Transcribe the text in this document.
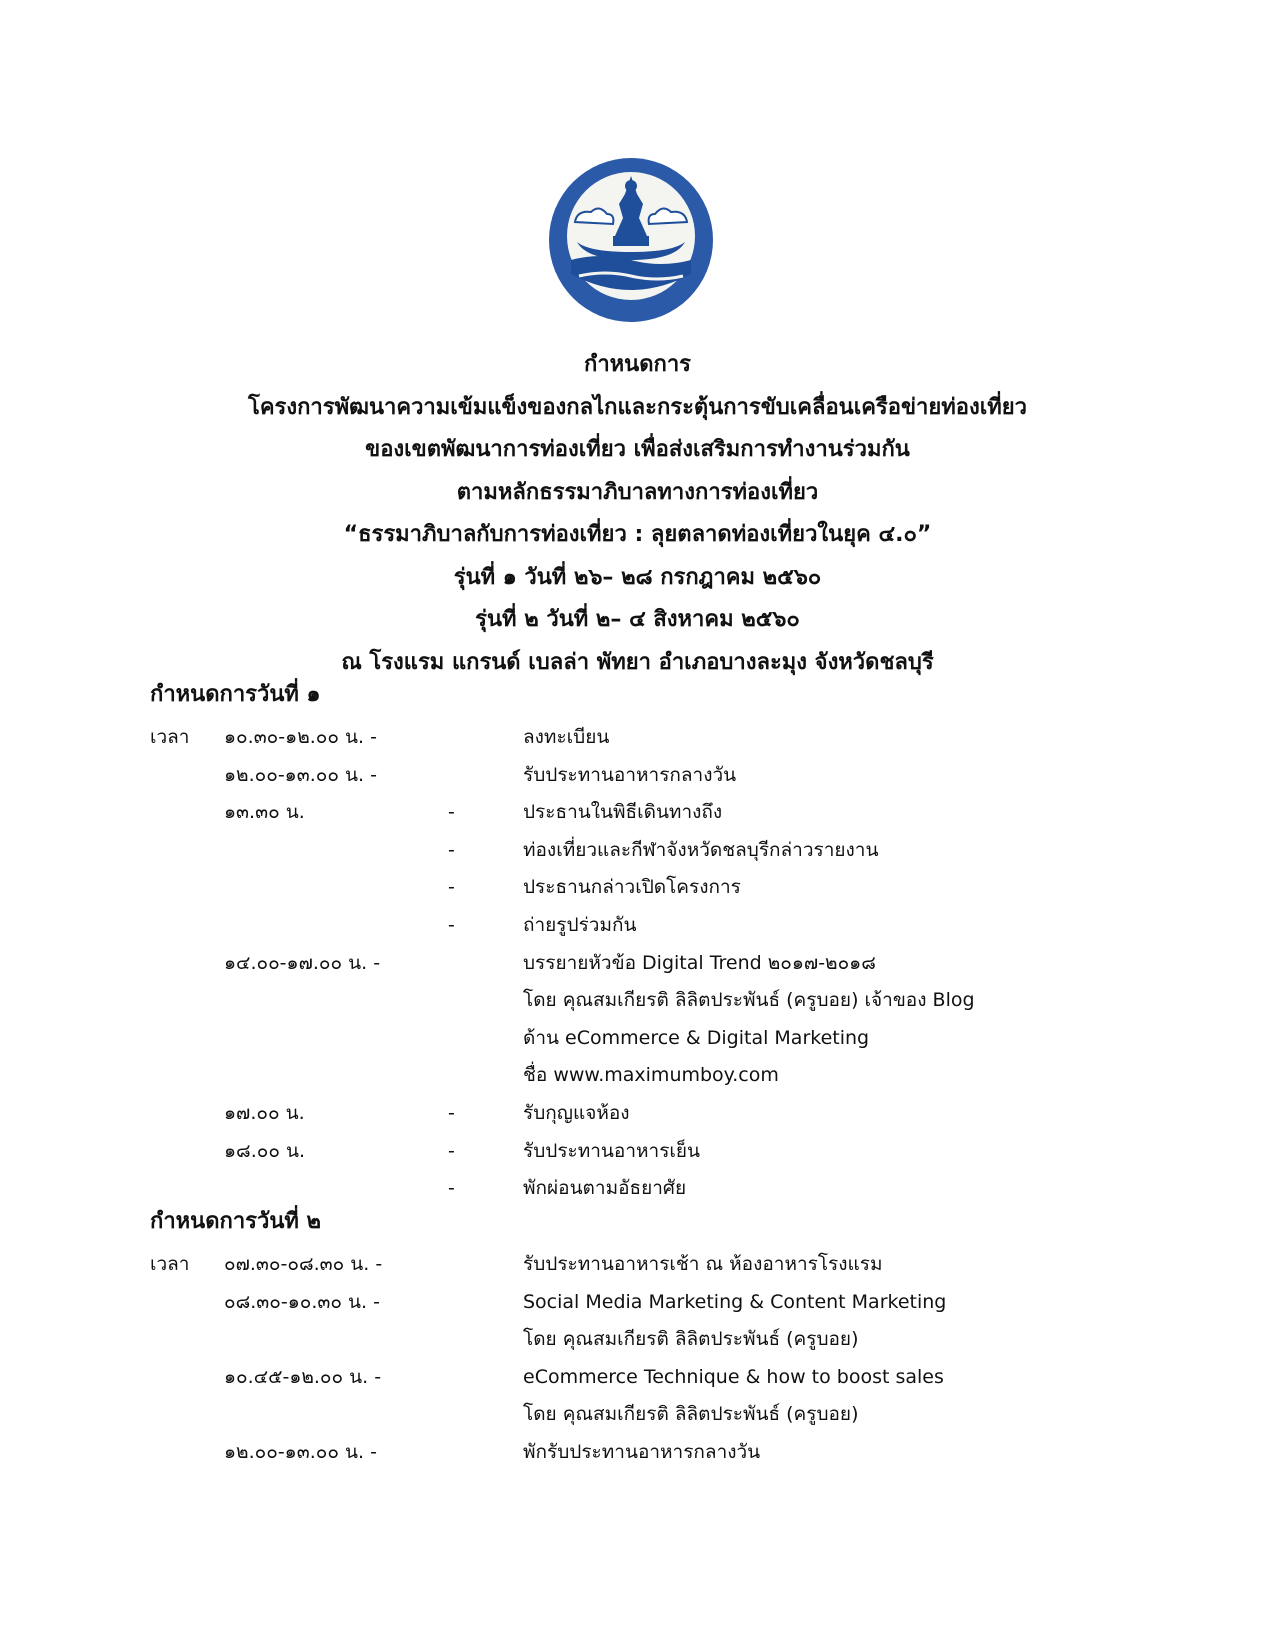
กำหนดการ
โครงการพัฒนาความเข้มแข็งของกลไกและกระตุ้นการขับเคลื่อนเครือข่ายท่องเที่ยว
ของเขตพัฒนาการท่องเที่ยว เพื่อส่งเสริมการทำงานร่วมกัน
ตามหลักธรรมาภิบาลทางการท่องเที่ยว
“ธรรมาภิบาลกับการท่องเที่ยว : ลุยตลาดท่องเที่ยวในยุค ๔.๐”
รุ่นที่ ๑ วันที่ ๒๖– ๒๘ กรกฎาคม ๒๕๖๐
รุ่นที่ ๒ วันที่ ๒– ๔ สิงหาคม ๒๕๖๐
ณ โรงแรม แกรนด์ เบลล่า พัทยา อำเภอบางละมุง จังหวัดชลบุรี
กำหนดการวันที่ ๑
เวลา ๑๐.๓๐-๑๒.๐๐ น. -	ลงทะเบียน
๑๒.๐๐-๑๓.๐๐ น. -	รับประทานอาหารกลางวัน
๑๓.๓๐ น.	-	ประธานในพิธีเดินทางถึง
-	ท่องเที่ยวและกีฬาจังหวัดชลบุรีกล่าวรายงาน
-	ประธานกล่าวเปิดโครงการ
-	ถ่ายรูปร่วมกัน
๑๔.๐๐-๑๗.๐๐ น. -	บรรยายหัวข้อ Digital Trend ๒๐๑๗-๒๐๑๘
โดย คุณสมเกียรติ ลิลิตประพันธ์ (ครูบอย) เจ้าของ Blog
ด้าน eCommerce & Digital Marketing
ชื่อ www.maximumboy.com
๑๗.๐๐ น.	-	รับกุญแจห้อง
๑๘.๐๐ น.	-	รับประทานอาหารเย็น
-	พักผ่อนตามอัธยาศัย
กำหนดการวันที่ ๒
เวลา ๐๗.๓๐-๐๘.๓๐ น. -	รับประทานอาหารเช้า ณ ห้องอาหารโรงแรม
๐๘.๓๐-๑๐.๓๐ น. -	Social Media Marketing & Content Marketing
โดย คุณสมเกียรติ ลิลิตประพันธ์ (ครูบอย)
๑๐.๔๕-๑๒.๐๐ น. -	eCommerce Technique & how to boost sales
โดย คุณสมเกียรติ ลิลิตประพันธ์ (ครูบอย)
๑๒.๐๐-๑๓.๐๐ น. -	พักรับประทานอาหารกลางวัน
